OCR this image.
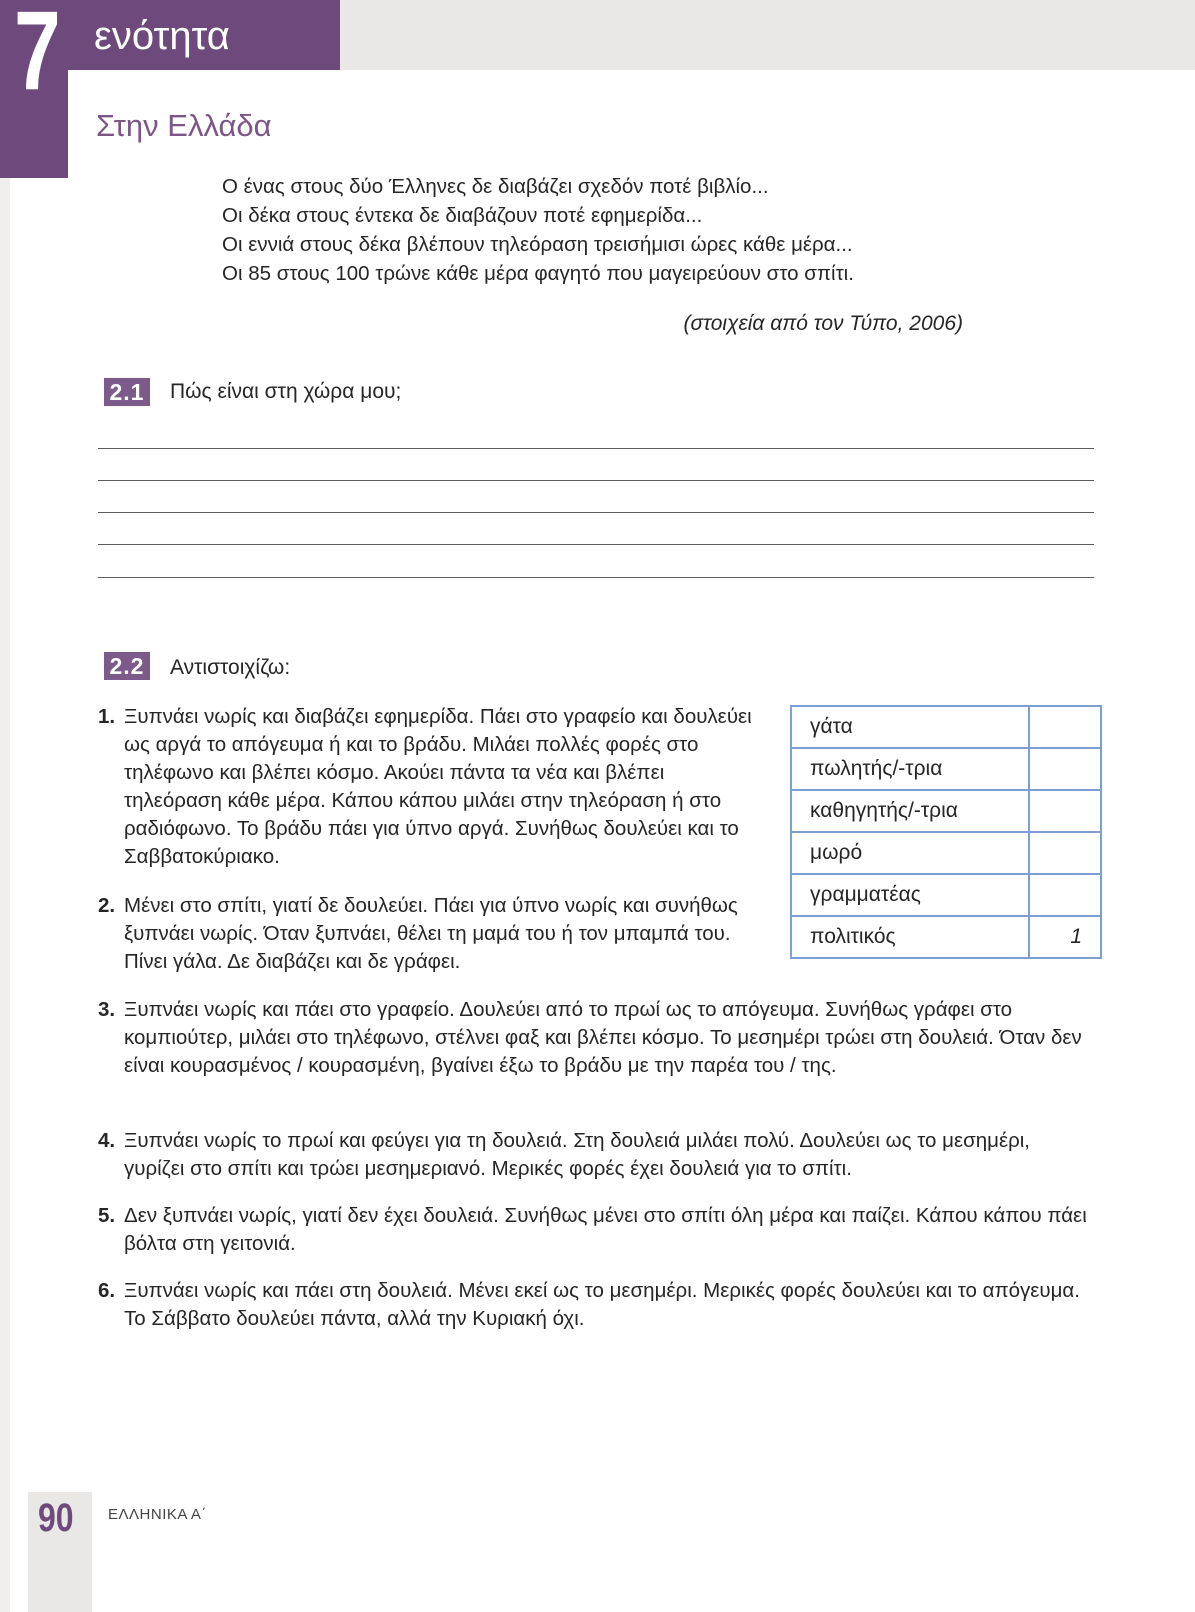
7 ενότητα
Στην Ελλάδα
Ο ένας στους δύο Έλληνες δε διαβάζει σχεδόν ποτέ βιβλίο...
Οι δέκα στους έντεκα δε διαβάζουν ποτέ εφημερίδα...
Οι εννιά στους δέκα βλέπουν τηλεόραση τρεισήμισι ώρες κάθε μέρα...
Οι 85 στους 100 τρώνε κάθε μέρα φαγητό που μαγειρεύουν στο σπίτι.
(στοιχεία από τον Τύπο, 2006)
2.1 Πώς είναι στη χώρα μου;
2.2 Αντιστοιχίζω:
1. Ξυπνάει νωρίς και διαβάζει εφημερίδα. Πάει στο γραφείο και δουλεύει ως αργά το απόγευμα ή και το βράδυ. Μιλάει πολλές φορές στο τηλέφωνο και βλέπει κόσμο. Ακούει πάντα τα νέα και βλέπει τηλεόραση κάθε μέρα. Κάπου κάπου μιλάει στην τηλεόραση ή στο ραδιόφωνο. Το βράδυ πάει για ύπνο αργά. Συνήθως δουλεύει και το Σαββατοκύριακο.
2. Μένει στο σπίτι, γιατί δε δουλεύει. Πάει για ύπνο νωρίς και συνήθως ξυπνάει νωρίς. Όταν ξυπνάει, θέλει τη μαμά του ή τον μπαμπά του. Πίνει γάλα. Δε διαβάζει και δε γράφει.
γάτα	
πωλητής/-τρια	
καθηγητής/-τρια	
μωρό	
γραμματέας	
πολιτικός	1
3. Ξυπνάει νωρίς και πάει στο γραφείο. Δουλεύει από το πρωί ως το απόγευμα. Συνήθως γράφει στο κομπιούτερ, μιλάει στο τηλέφωνο, στέλνει φαξ και βλέπει κόσμο. Το μεσημέρι τρώει στη δουλειά. Όταν δεν είναι κουρασμένος / κουρασμένη, βγαίνει έξω το βράδυ με την παρέα του / της.
4. Ξυπνάει νωρίς το πρωί και φεύγει για τη δουλειά. Στη δουλειά μιλάει πολύ. Δουλεύει ως το μεσημέρι, γυρίζει στο σπίτι και τρώει μεσημεριανό. Μερικές φορές έχει δουλειά για το σπίτι.
5. Δεν ξυπνάει νωρίς, γιατί δεν έχει δουλειά. Συνήθως μένει στο σπίτι όλη μέρα και παίζει. Κάπου κάπου πάει βόλτα στη γειτονιά.
6. Ξυπνάει νωρίς και πάει στη δουλειά. Μένει εκεί ως το μεσημέρι. Μερικές φορές δουλεύει και το απόγευμα. Το Σάββατο δουλεύει πάντα, αλλά την Κυριακή όχι.
90 ΕΛΛΗΝΙΚΑ Α΄
